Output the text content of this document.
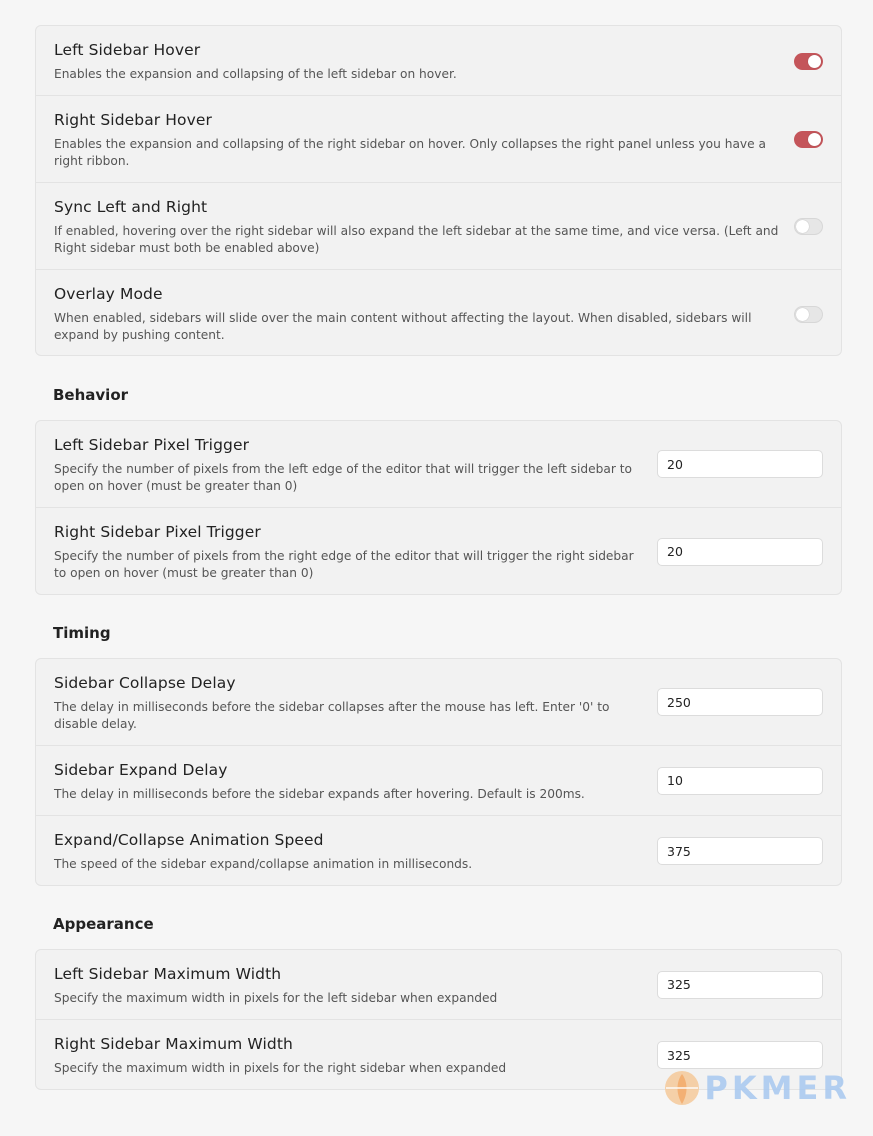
Left Sidebar Hover
Enables the expansion and collapsing of the left sidebar on hover.
Right Sidebar Hover
Enables the expansion and collapsing of the right sidebar on hover. Only collapses the right panel unless you have a right ribbon.
Sync Left and Right
If enabled, hovering over the right sidebar will also expand the left sidebar at the same time, and vice versa. (Left and Right sidebar must both be enabled above)
Overlay Mode
When enabled, sidebars will slide over the main content without affecting the layout. When disabled, sidebars will expand by pushing content.
Behavior
Left Sidebar Pixel Trigger
Specify the number of pixels from the left edge of the editor that will trigger the left sidebar to open on hover (must be greater than 0)
20
Right Sidebar Pixel Trigger
Specify the number of pixels from the right edge of the editor that will trigger the right sidebar to open on hover (must be greater than 0)
20
Timing
Sidebar Collapse Delay
The delay in milliseconds before the sidebar collapses after the mouse has left. Enter '0' to disable delay.
250
Sidebar Expand Delay
The delay in milliseconds before the sidebar expands after hovering. Default is 200ms.
10
Expand/Collapse Animation Speed
The speed of the sidebar expand/collapse animation in milliseconds.
375
Appearance
Left Sidebar Maximum Width
Specify the maximum width in pixels for the left sidebar when expanded
325
Right Sidebar Maximum Width
Specify the maximum width in pixels for the right sidebar when expanded
325
PKMER
